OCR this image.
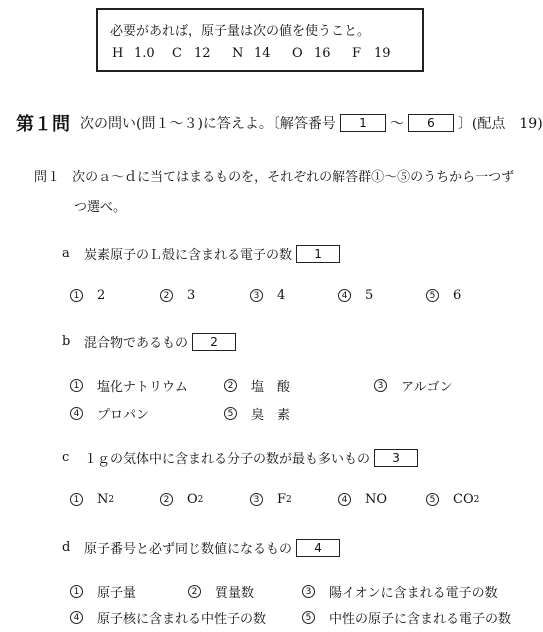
必要があれば，原子量は次の値を使うこと。
H 1.0	C 12	N 14	O 16	F 19
第１問 次の問い(問１～３)に答えよ。〔解答番号	1	～	6	〕(配点　19)
問１ 次のａ～ｄに当てはまるものを，それぞれの解答群①～⑤のうちから一つず
つ選べ。
a	炭素原子のＬ殻に含まれる電子の数	1
1 2	2 3	3 4	4 5	5 6
b	混合物であるもの	2
1 塩化ナトリウム	2 塩　酸	3 アルゴン
4 プロパン	5 臭　素
c	１ｇの気体中に含まれる分子の数が最も多いもの	3
1 N 2	2 O 2	3 F 2	4 NO	5 CO 2
d	原子番号と必ず同じ数値になるもの	4
1 原子量	2 質量数	3 陽イオンに含まれる電子の数
4 原子核に含まれる中性子の数	5 中性の原子に含まれる電子の数
